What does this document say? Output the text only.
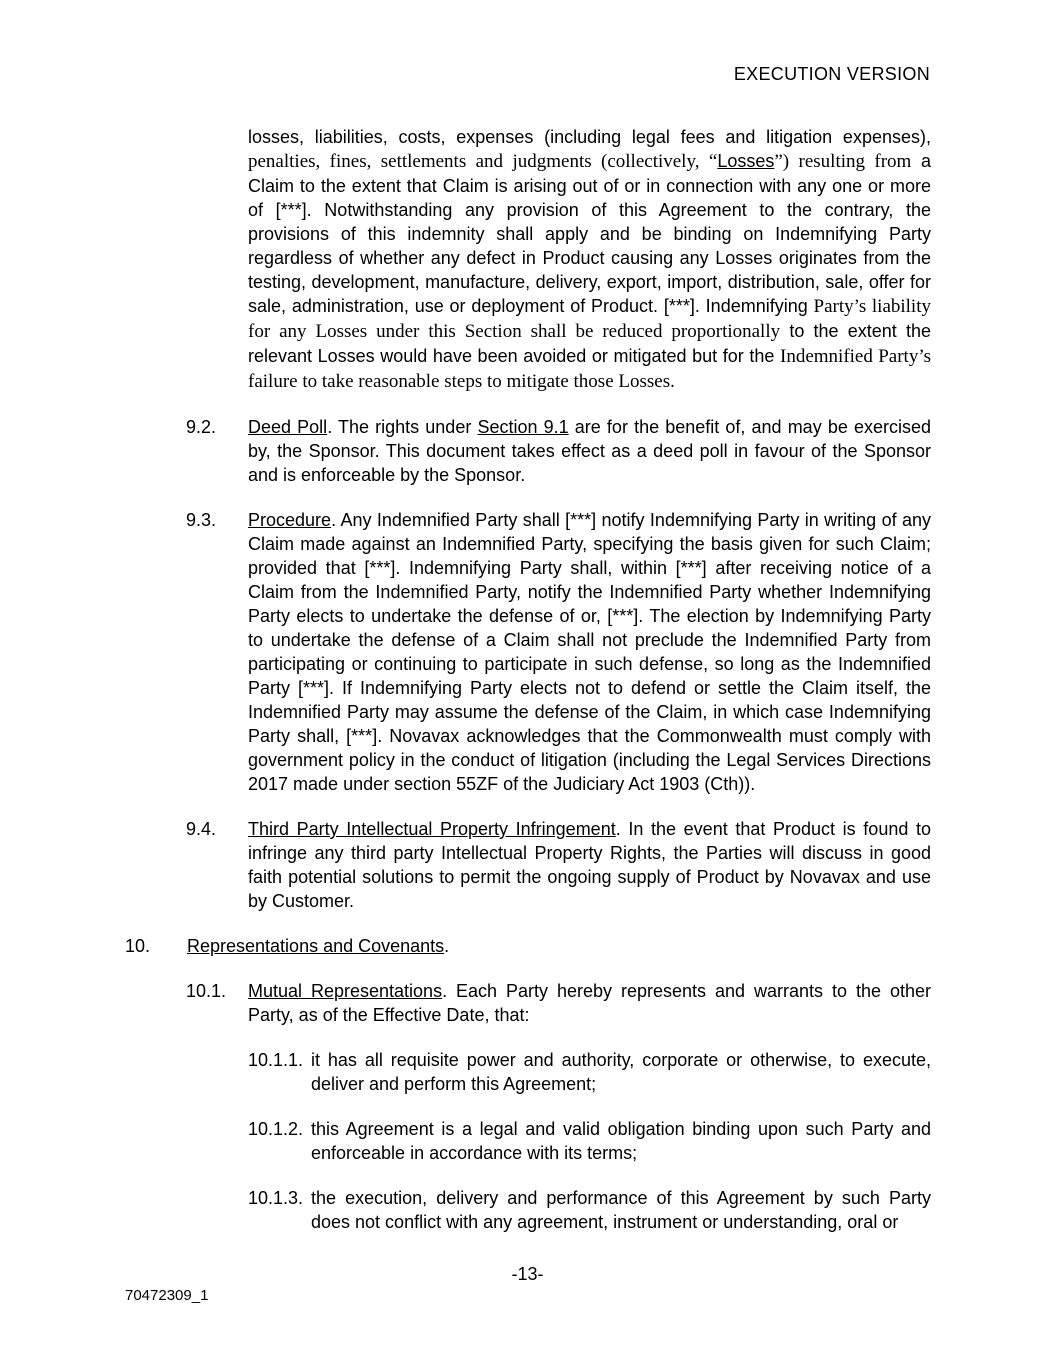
EXECUTION VERSION

losses, liabilities, costs, expenses (including legal fees and litigation expenses), penalties, fines, settlements and judgments (collectively, “Losses”) resulting from a Claim to the extent that Claim is arising out of or in connection with any one or more of [***]. Notwithstanding any provision of this Agreement to the contrary, the provisions of this indemnity shall apply and be binding on Indemnifying Party regardless of whether any defect in Product causing any Losses originates from the testing, development, manufacture, delivery, export, import, distribution, sale, offer for sale, administration, use or deployment of Product. [***]. Indemnifying Party’s liability for any Losses under this Section shall be reduced proportionally to the extent the relevant Losses would have been avoided or mitigated but for the Indemnified Party’s failure to take reasonable steps to mitigate those Losses.

9.2. Deed Poll. The rights under Section 9.1 are for the benefit of, and may be exercised by, the Sponsor. This document takes effect as a deed poll in favour of the Sponsor and is enforceable by the Sponsor.

9.3. Procedure. Any Indemnified Party shall [***] notify Indemnifying Party in writing of any Claim made against an Indemnified Party, specifying the basis given for such Claim; provided that [***]. Indemnifying Party shall, within [***] after receiving notice of a Claim from the Indemnified Party, notify the Indemnified Party whether Indemnifying Party elects to undertake the defense of or, [***]. The election by Indemnifying Party to undertake the defense of a Claim shall not preclude the Indemnified Party from participating or continuing to participate in such defense, so long as the Indemnified Party [***]. If Indemnifying Party elects not to defend or settle the Claim itself, the Indemnified Party may assume the defense of the Claim, in which case Indemnifying Party shall, [***]. Novavax acknowledges that the Commonwealth must comply with government policy in the conduct of litigation (including the Legal Services Directions 2017 made under section 55ZF of the Judiciary Act 1903 (Cth)).

9.4. Third Party Intellectual Property Infringement. In the event that Product is found to infringe any third party Intellectual Property Rights, the Parties will discuss in good faith potential solutions to permit the ongoing supply of Product by Novavax and use by Customer.

10. Representations and Covenants.

10.1. Mutual Representations. Each Party hereby represents and warrants to the other Party, as of the Effective Date, that:

10.1.1. it has all requisite power and authority, corporate or otherwise, to execute, deliver and perform this Agreement;

10.1.2. this Agreement is a legal and valid obligation binding upon such Party and enforceable in accordance with its terms;

10.1.3. the execution, delivery and performance of this Agreement by such Party does not conflict with any agreement, instrument or understanding, oral or

-13-
70472309_1
